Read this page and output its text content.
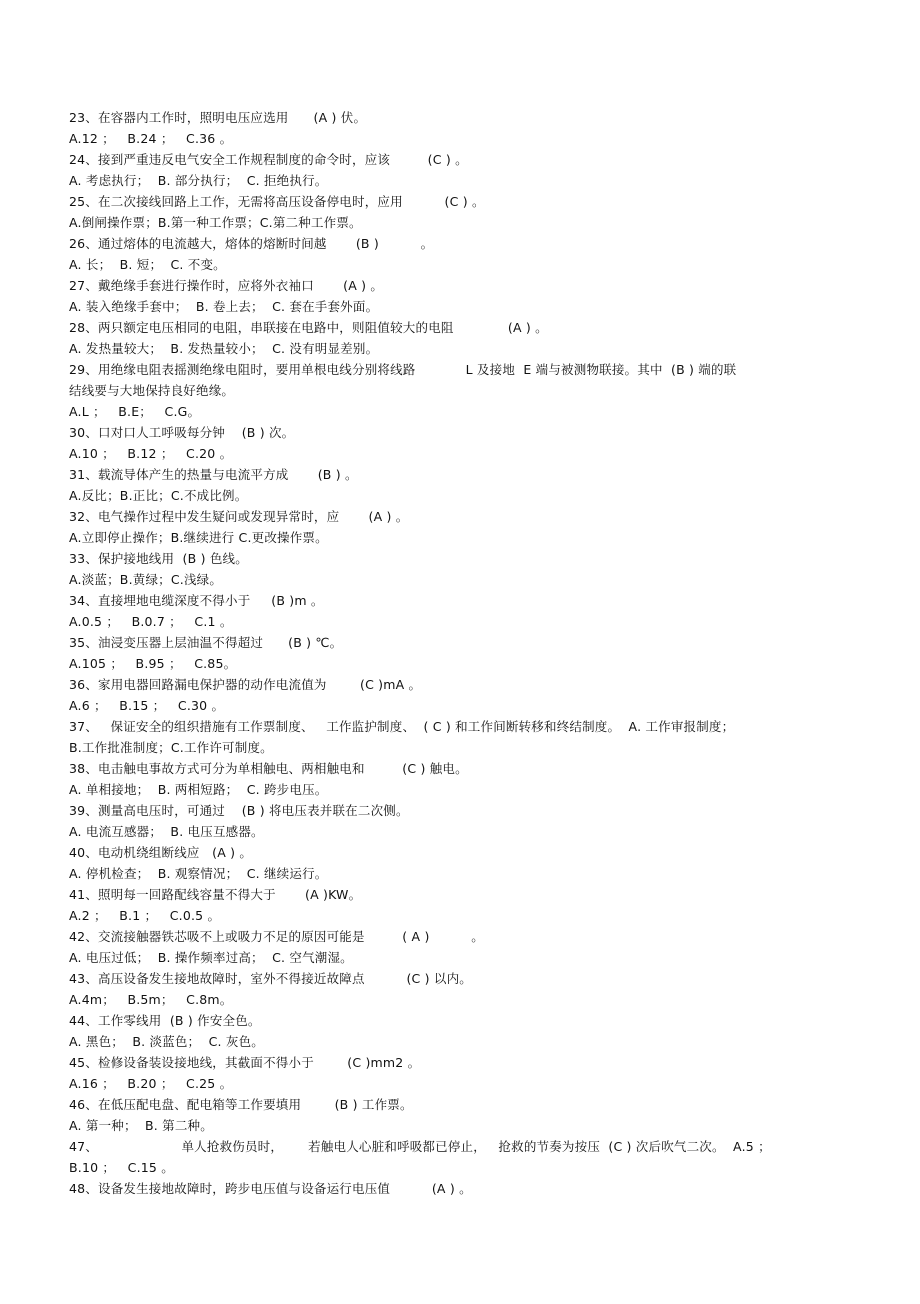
23、在容器内工作时，照明电压应选用      (A ) 伏。
A.12 ；   B.24 ；   C.36 。
24、接到严重违反电气安全工作规程制度的命令时，应该         (C ) 。
A. 考虑执行；  B. 部分执行；  C. 拒绝执行。
25、在二次接线回路上工作，无需将高压设备停电时，应用          (C ) 。
A.倒闸操作票；B.第一种工作票；C.第二种工作票。
26、通过熔体的电流越大，熔体的熔断时间越       (B )          。
A. 长；  B. 短；  C. 不变。
27、戴绝缘手套进行操作时，应将外衣袖口       (A ) 。
A. 装入绝缘手套中；  B. 卷上去；  C. 套在手套外面。
28、两只额定电压相同的电阻，串联接在电路中，则阻值较大的电阻             (A ) 。
A. 发热量较大；  B. 发热量较小；  C. 没有明显差别。
29、用绝缘电阻表摇测绝缘电阻时，要用单根电线分别将线路            L 及接地  E 端与被测物联接。其中  (B ) 端的联
结线要与大地保持良好绝缘。
A.L ；   B.E；   C.G。
30、口对口人工呼吸每分钟    (B ) 次。
A.10 ；   B.12 ；   C.20 。
31、载流导体产生的热量与电流平方成       (B ) 。
A.反比；B.正比；C.不成比例。
32、电气操作过程中发生疑问或发现异常时，应       (A ) 。
A.立即停止操作；B.继续进行 C.更改操作票。
33、保护接地线用  (B ) 色线。
A.淡蓝；B.黄绿；C.浅绿。
34、直接埋地电缆深度不得小于     (B )m 。
A.0.5 ；   B.0.7 ；   C.1 。
35、油浸变压器上层油温不得超过      (B ) ℃。
A.105 ；   B.95 ；   C.85。
36、家用电器回路漏电保护器的动作电流值为        (C )mA 。
A.6 ；   B.15 ；   C.30 。
37、   保证安全的组织措施有工作票制度、   工作监护制度、  ( C ) 和工作间断转移和终结制度。  A. 工作审报制度；
B.工作批准制度；C.工作许可制度。
38、电击触电事故方式可分为单相触电、两相触电和         (C ) 触电。
A. 单相接地；  B. 两相短路；  C. 跨步电压。
39、测量高电压时，可通过    (B ) 将电压表并联在二次侧。
A. 电流互感器；  B. 电压互感器。
40、电动机绕组断线应   (A ) 。
A. 停机检查；  B. 观察情况；  C. 继续运行。
41、照明每一回路配线容量不得大于       (A )KW。
A.2 ；   B.1 ；   C.0.5 。
42、交流接触器铁芯吸不上或吸力不足的原因可能是         ( A )          。
A. 电压过低；  B. 操作频率过高；  C. 空气潮湿。
43、高压设备发生接地故障时，室外不得接近故障点          (C ) 以内。
A.4m；   B.5m；   C.8m。
44、工作零线用  (B ) 作安全色。
A. 黑色；  B. 淡蓝色；  C. 灰色。
45、检修设备装设接地线，其截面不得小于        (C )mm2 。
A.16 ；   B.20 ；   C.25 。
46、在低压配电盘、配电箱等工作要填用        (B ) 工作票。
A. 第一种；  B. 第二种。
47、                    单人抢救伤员时，      若触电人心脏和呼吸都已停止，   抢救的节奏为按压  (C ) 次后吹气二次。  A.5 ；
B.10 ；   C.15 。
48、设备发生接地故障时，跨步电压值与设备运行电压值          (A ) 。
